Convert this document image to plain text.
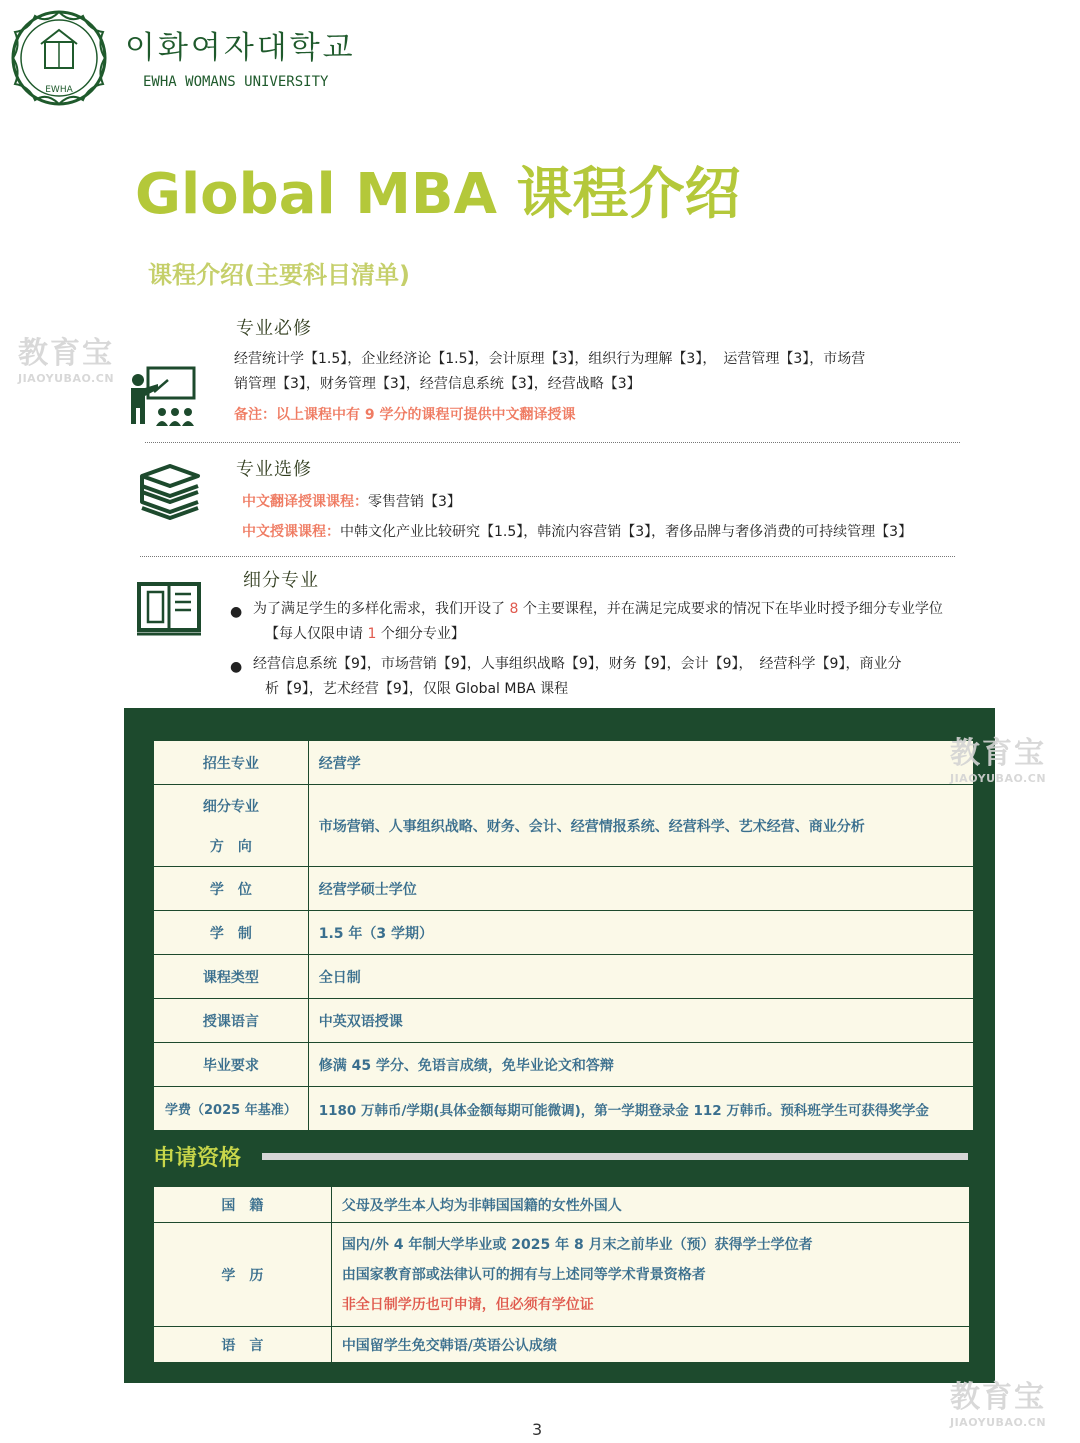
EWHA
이화여자대학교
EWHA WOMANS UNIVERSITY
Global MBA 课程介绍
课程介绍(主要科目清单)
教育宝
JIAOYUBAO.CN
专业必修
经营统计学【1.5】，企业经济论【1.5】，会计原理【3】，组织行为理解【3】，　运营管理【3】，市场营
销管理【3】，财务管理【3】，经营信息系统【3】，经营战略【3】
备注：以上课程中有 9 学分的课程可提供中文翻译授课
专业选修
中文翻译授课课程：零售营销【3】
中文授课课程：中韩文化产业比较研究【1.5】，韩流内容营销【3】，奢侈品牌与奢侈消费的可持续管理【3】
细分专业
● 为了满足学生的多样化需求，我们开设了 8 个主要课程，并在满足完成要求的情况下在毕业时授予细分专业学位
【每人仅限申请 1 个细分专业】
● 经营信息系统【9】，市场营销【9】，人事组织战略【9】，财务【9】，会计【9】，　经营科学【9】，商业分
析【9】，艺术经营【9】，仅限 Global MBA 课程
招生专业	经营学

细分专业
方　向	市场营销、人事组织战略、财务、会计、经营情报系统、经营科学、艺术经营、商业分析
学　位	经营学硕士学位
学　制	1.5 年（3 学期）
课程类型	全日制
授课语言	中英双语授课
毕业要求	修满 45 学分、免语言成绩，免毕业论文和答辩
学费（2025 年基准）	1180 万韩币/学期(具体金额每期可能微调)，第一学期登录金 112 万韩币。预科班学生可获得奖学金
申请资格
国　籍	父母及学生本人均为非韩国国籍的女性外国人
学　历	国内/外 4 年制大学毕业或 2025 年 8 月末之前毕业（预）获得学士学位者
由国家教育部或法律认可的拥有与上述同等学术背景资格者
非全日制学历也可申请，但必须有学位证

语　言	中国留学生免交韩语/英语公认成绩
教育宝
JIAOYUBAO.CN
教育宝
JIAOYUBAO.CN
3
